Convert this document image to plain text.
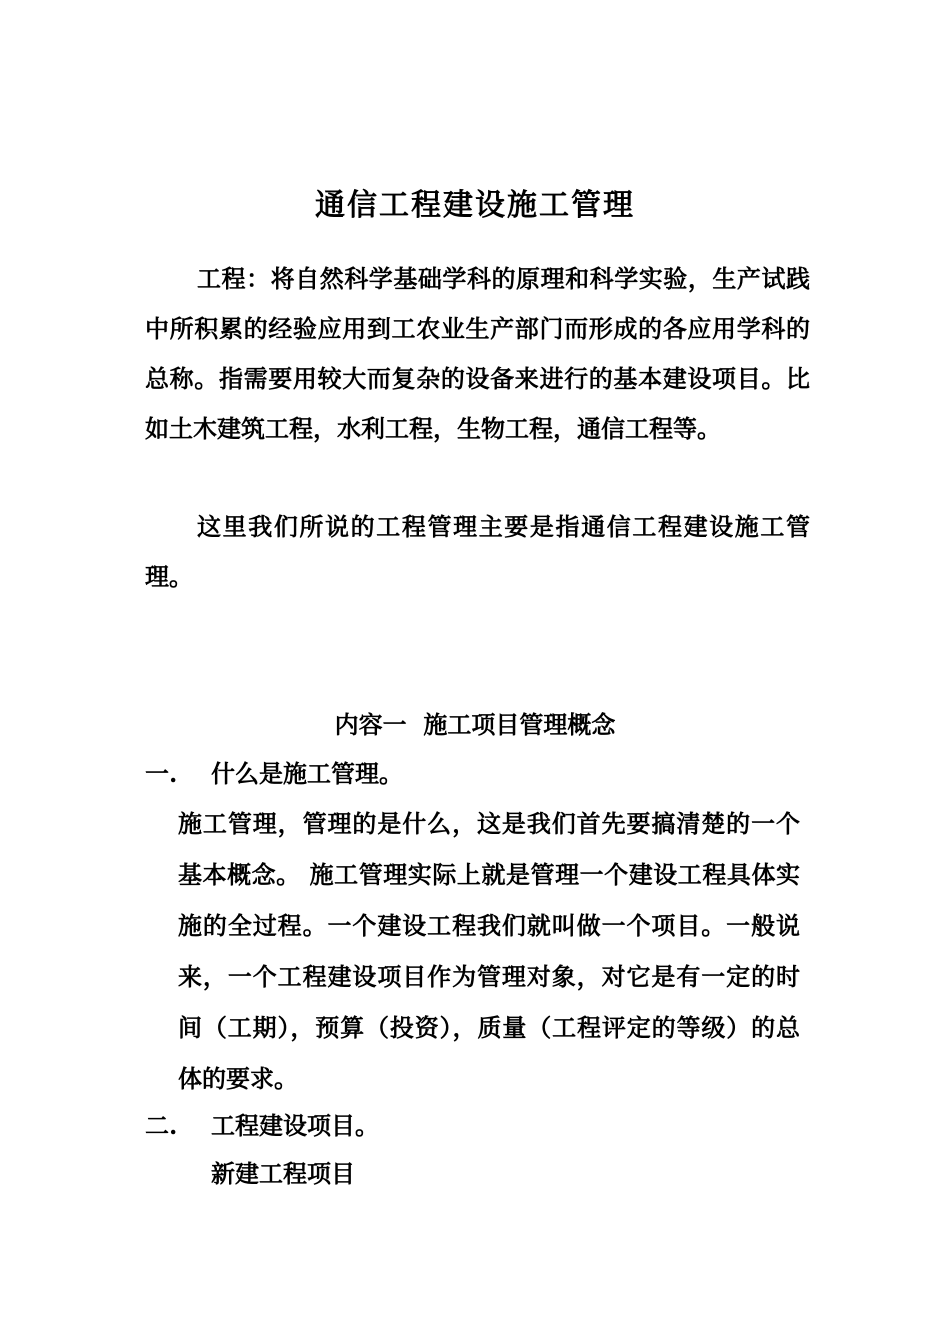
通信工程建设施工管理

工程：将自然科学基础学科的原理和科学实验，生产试践中所积累的经验应用到工农业生产部门而形成的各应用学科的总称。指需要用较大而复杂的设备来进行的基本建设项目。比如土木建筑工程，水利工程，生物工程，通信工程等。

这里我们所说的工程管理主要是指通信工程建设施工管理。

内容一  施工项目管理概念
一. 什么是施工管理。

施工管理，管理的是什么，这是我们首先要搞清楚的一个基本概念。 施工管理实际上就是管理一个建设工程具体实施的全过程。一个建设工程我们就叫做一个项目。一般说来，一个工程建设项目作为管理对象，对它是有一定的时间（工期），预算（投资），质量（工程评定的等级）的总体的要求。

二. 工程建设项目。
新建工程项目
